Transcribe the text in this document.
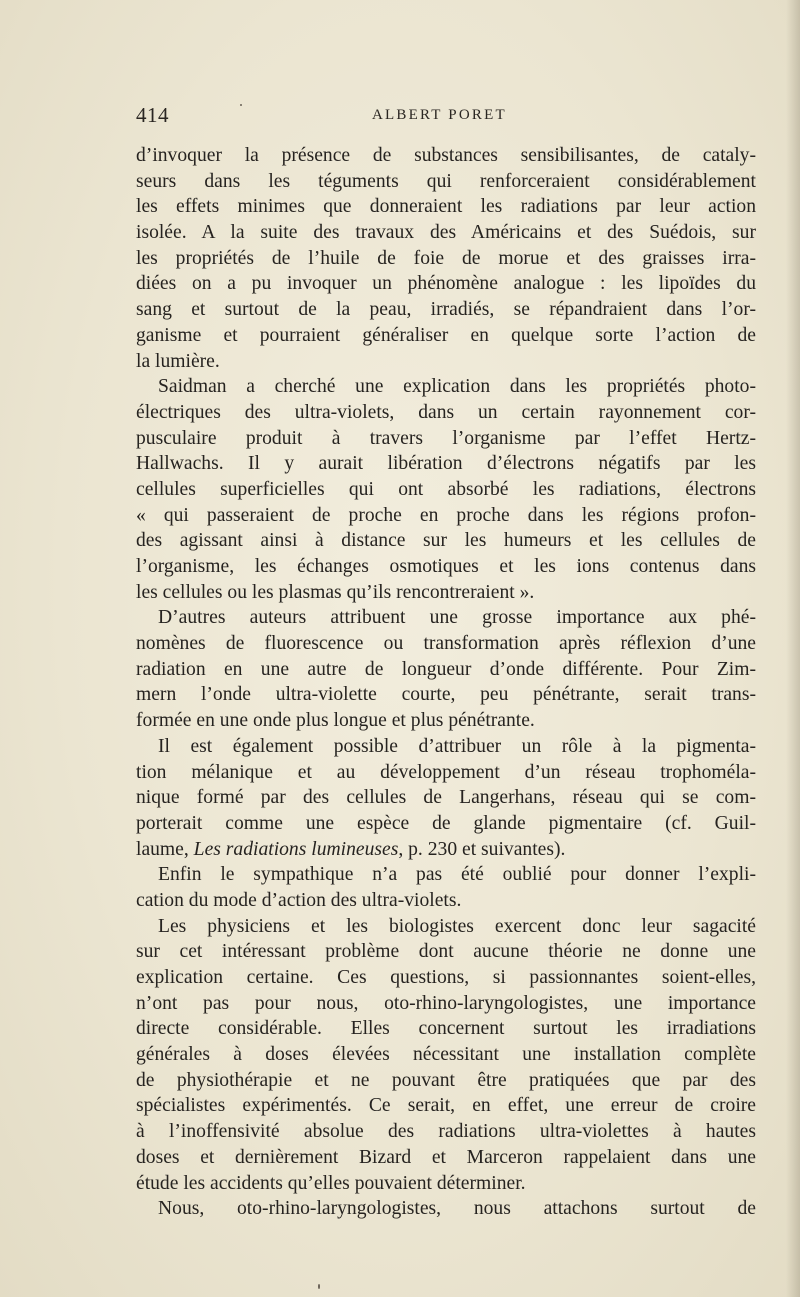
414	ALBERT PORET
d’invoquer la présence de substances sensibilisantes, de cataly-
seurs dans les téguments qui renforceraient considérablement
les effets minimes que donneraient les radiations par leur action
isolée. A la suite des travaux des Américains et des Suédois, sur
les propriétés de l’huile de foie de morue et des graisses irra-
diées on a pu invoquer un phénomène analogue : les lipoïdes du
sang et surtout de la peau, irradiés, se répandraient dans l’or-
ganisme et pourraient généraliser en quelque sorte l’action de
la lumière.
Saidman a cherché une explication dans les propriétés photo-
électriques des ultra-violets, dans un certain rayonnement cor-
pusculaire produit à travers l’organisme par l’effet Hertz-
Hallwachs. Il y aurait libération d’électrons négatifs par les
cellules superficielles qui ont absorbé les radiations, électrons
« qui passeraient de proche en proche dans les régions profon-
des agissant ainsi à distance sur les humeurs et les cellules de
l’organisme, les échanges osmotiques et les ions contenus dans
les cellules ou les plasmas qu’ils rencontreraient ».
D’autres auteurs attribuent une grosse importance aux phé-
nomènes de fluorescence ou transformation après réflexion d’une
radiation en une autre de longueur d’onde différente. Pour Zim-
mern l’onde ultra-violette courte, peu pénétrante, serait trans-
formée en une onde plus longue et plus pénétrante.
Il est également possible d’attribuer un rôle à la pigmenta-
tion mélanique et au développement d’un réseau trophoméla-
nique formé par des cellules de Langerhans, réseau qui se com-
porterait comme une espèce de glande pigmentaire (cf. Guil-
laume, Les radiations lumineuses, p. 230 et suivantes).
Enfin le sympathique n’a pas été oublié pour donner l’expli-
cation du mode d’action des ultra-violets.
Les physiciens et les biologistes exercent donc leur sagacité
sur cet intéressant problème dont aucune théorie ne donne une
explication certaine. Ces questions, si passionnantes soient-elles,
n’ont pas pour nous, oto-rhino-laryngologistes, une importance
directe considérable. Elles concernent surtout les irradiations
générales à doses élevées nécessitant une installation complète
de physiothérapie et ne pouvant être pratiquées que par des
spécialistes expérimentés. Ce serait, en effet, une erreur de croire
à l’inoffensivité absolue des radiations ultra-violettes à hautes
doses et dernièrement Bizard et Marceron rappelaient dans une
étude les accidents qu’elles pouvaient déterminer.
Nous, oto-rhino-laryngologistes, nous attachons surtout de
